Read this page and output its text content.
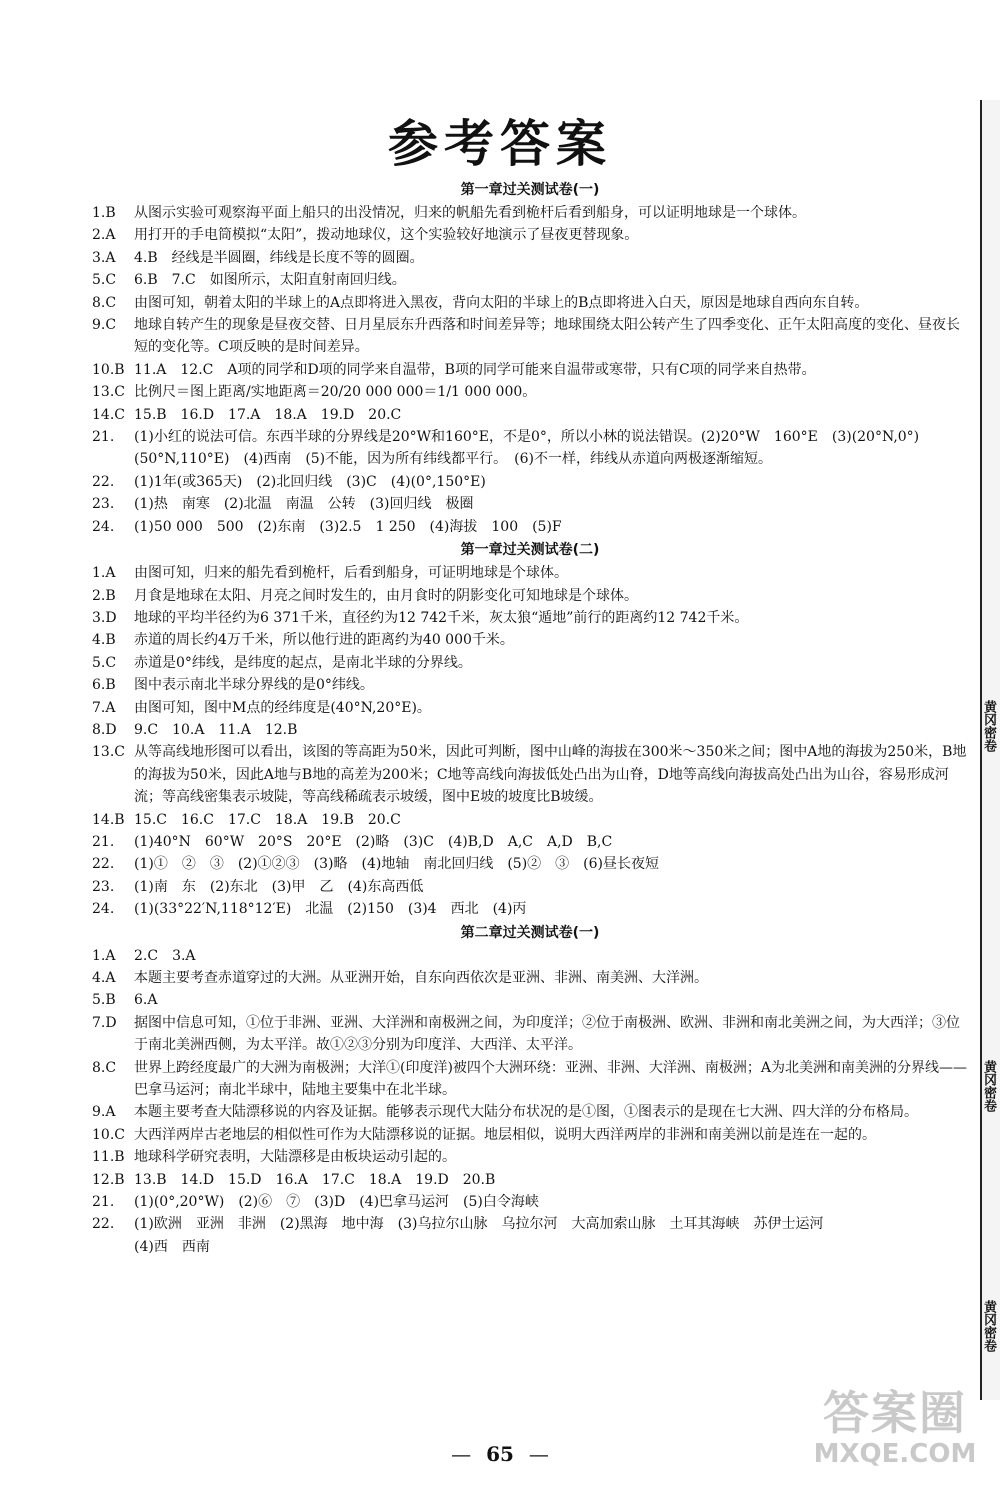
参考答案
第一章过关测试卷(一)
1.B	从图示实验可观察海平面上船只的出没情况，归来的帆船先看到桅杆后看到船身，可以证明地球是一个球体。
2.A	用打开的手电筒模拟“太阳”，拨动地球仪，这个实验较好地演示了昼夜更替现象。
3.A	4.B　经线是半圆圈，纬线是长度不等的圆圈。
5.C	6.B　7.C　如图所示，太阳直射南回归线。
8.C	由图可知，朝着太阳的半球上的A点即将进入黑夜，背向太阳的半球上的B点即将进入白天，原因是地球自西向东自转。
9.C	地球自转产生的现象是昼夜交替、日月星辰东升西落和时间差异等；地球围绕太阳公转产生了四季变化、正午太阳高度的变化、昼夜长短的变化等。C项反映的是时间差异。
10.B 11.A　12.C　A项的同学和D项的同学来自温带，B项的同学可能来自温带或寒带，只有C项的同学来自热带。
13.C 比例尺＝图上距离/实地距离＝20/20 000 000＝1/1 000 000。
14.C 15.B　16.D　17.A　18.A　19.D　20.C
21.	(1)小红的说法可信。东西半球的分界线是20°W和160°E，不是0°，所以小林的说法错误。(2)20°W　160°E　(3)(20°N,0°)　(50°N,110°E)　(4)西南　(5)不能，因为所有纬线都平行。　(6)不一样，纬线从赤道向两极逐渐缩短。
22.	(1)1年(或365天)　(2)北回归线　(3)C　(4)(0°,150°E)
23.	(1)热　南寒　(2)北温　南温　公转　(3)回归线　极圈
24.	(1)50 000　500　(2)东南　(3)2.5　1 250　(4)海拔　100　(5)F
第一章过关测试卷(二)
1.A	由图可知，归来的船先看到桅杆，后看到船身，可证明地球是个球体。
2.B	月食是地球在太阳、月亮之间时发生的，由月食时的阴影变化可知地球是个球体。
3.D	地球的平均半径约为6 371千米，直径约为12 742千米，灰太狼“遁地”前行的距离约12 742千米。
4.B	赤道的周长约4万千米，所以他行进的距离约为40 000千米。
5.C	赤道是0°纬线，是纬度的起点，是南北半球的分界线。
6.B	图中表示南北半球分界线的是0°纬线。
7.A	由图可知，图中M点的经纬度是(40°N,20°E)。
8.D	9.C　10.A　11.A　12.B
13.C 从等高线地形图可以看出，该图的等高距为50米，因此可判断，图中山峰的海拔在300米～350米之间；图中A地的海拔为250米，B地的海拔为50米，因此A地与B地的高差为200米；C地等高线向海拔低处凸出为山脊，D地等高线向海拔高处凸出为山谷，容易形成河流；等高线密集表示坡陡，等高线稀疏表示坡缓，图中E坡的坡度比B坡缓。
14.B 15.C　16.C　17.C　18.A　19.B　20.C
21.	(1)40°N　60°W　20°S　20°E　(2)略　(3)C　(4)B,D　A,C　A,D　B,C
22.	(1)①　②　③　(2)①②③　(3)略　(4)地轴　南北回归线　(5)②　③　(6)昼长夜短
23.	(1)南　东　(2)东北　(3)甲　乙　(4)东高西低
24.	(1)(33°22′N,118°12′E)　北温　(2)150　(3)4　西北　(4)丙
第二章过关测试卷(一)
1.A	2.C　3.A
4.A	本题主要考查赤道穿过的大洲。从亚洲开始，自东向西依次是亚洲、非洲、南美洲、大洋洲。
5.B	6.A
7.D	据图中信息可知，①位于非洲、亚洲、大洋洲和南极洲之间，为印度洋；②位于南极洲、欧洲、非洲和南北美洲之间，为大西洋；③位于南北美洲西侧，为太平洋。故①②③分别为印度洋、大西洋、太平洋。
8.C	世界上跨经度最广的大洲为南极洲；大洋①(印度洋)被四个大洲环绕：亚洲、非洲、大洋洲、南极洲；A为北美洲和南美洲的分界线——巴拿马运河；南北半球中，陆地主要集中在北半球。
9.A	本题主要考查大陆漂移说的内容及证据。能够表示现代大陆分布状况的是①图，①图表示的是现在七大洲、四大洋的分布格局。
10.C 大西洋两岸古老地层的相似性可作为大陆漂移说的证据。地层相似，说明大西洋两岸的非洲和南美洲以前是连在一起的。
11.B 地球科学研究表明，大陆漂移是由板块运动引起的。
12.B 13.B　14.D　15.D　16.A　17.C　18.A　19.D　20.B
21.	(1)(0°,20°W)　(2)⑥　⑦　(3)D　(4)巴拿马运河　(5)白令海峡
22.	(1)欧洲　亚洲　非洲　(2)黑海　地中海　(3)乌拉尔山脉　乌拉尔河　大高加索山脉　土耳其海峡　苏伊士运河
(4)西　西南
— 65 —
黄冈密卷
黄冈密卷
黄冈密卷
答案圈
MXQE.COM
